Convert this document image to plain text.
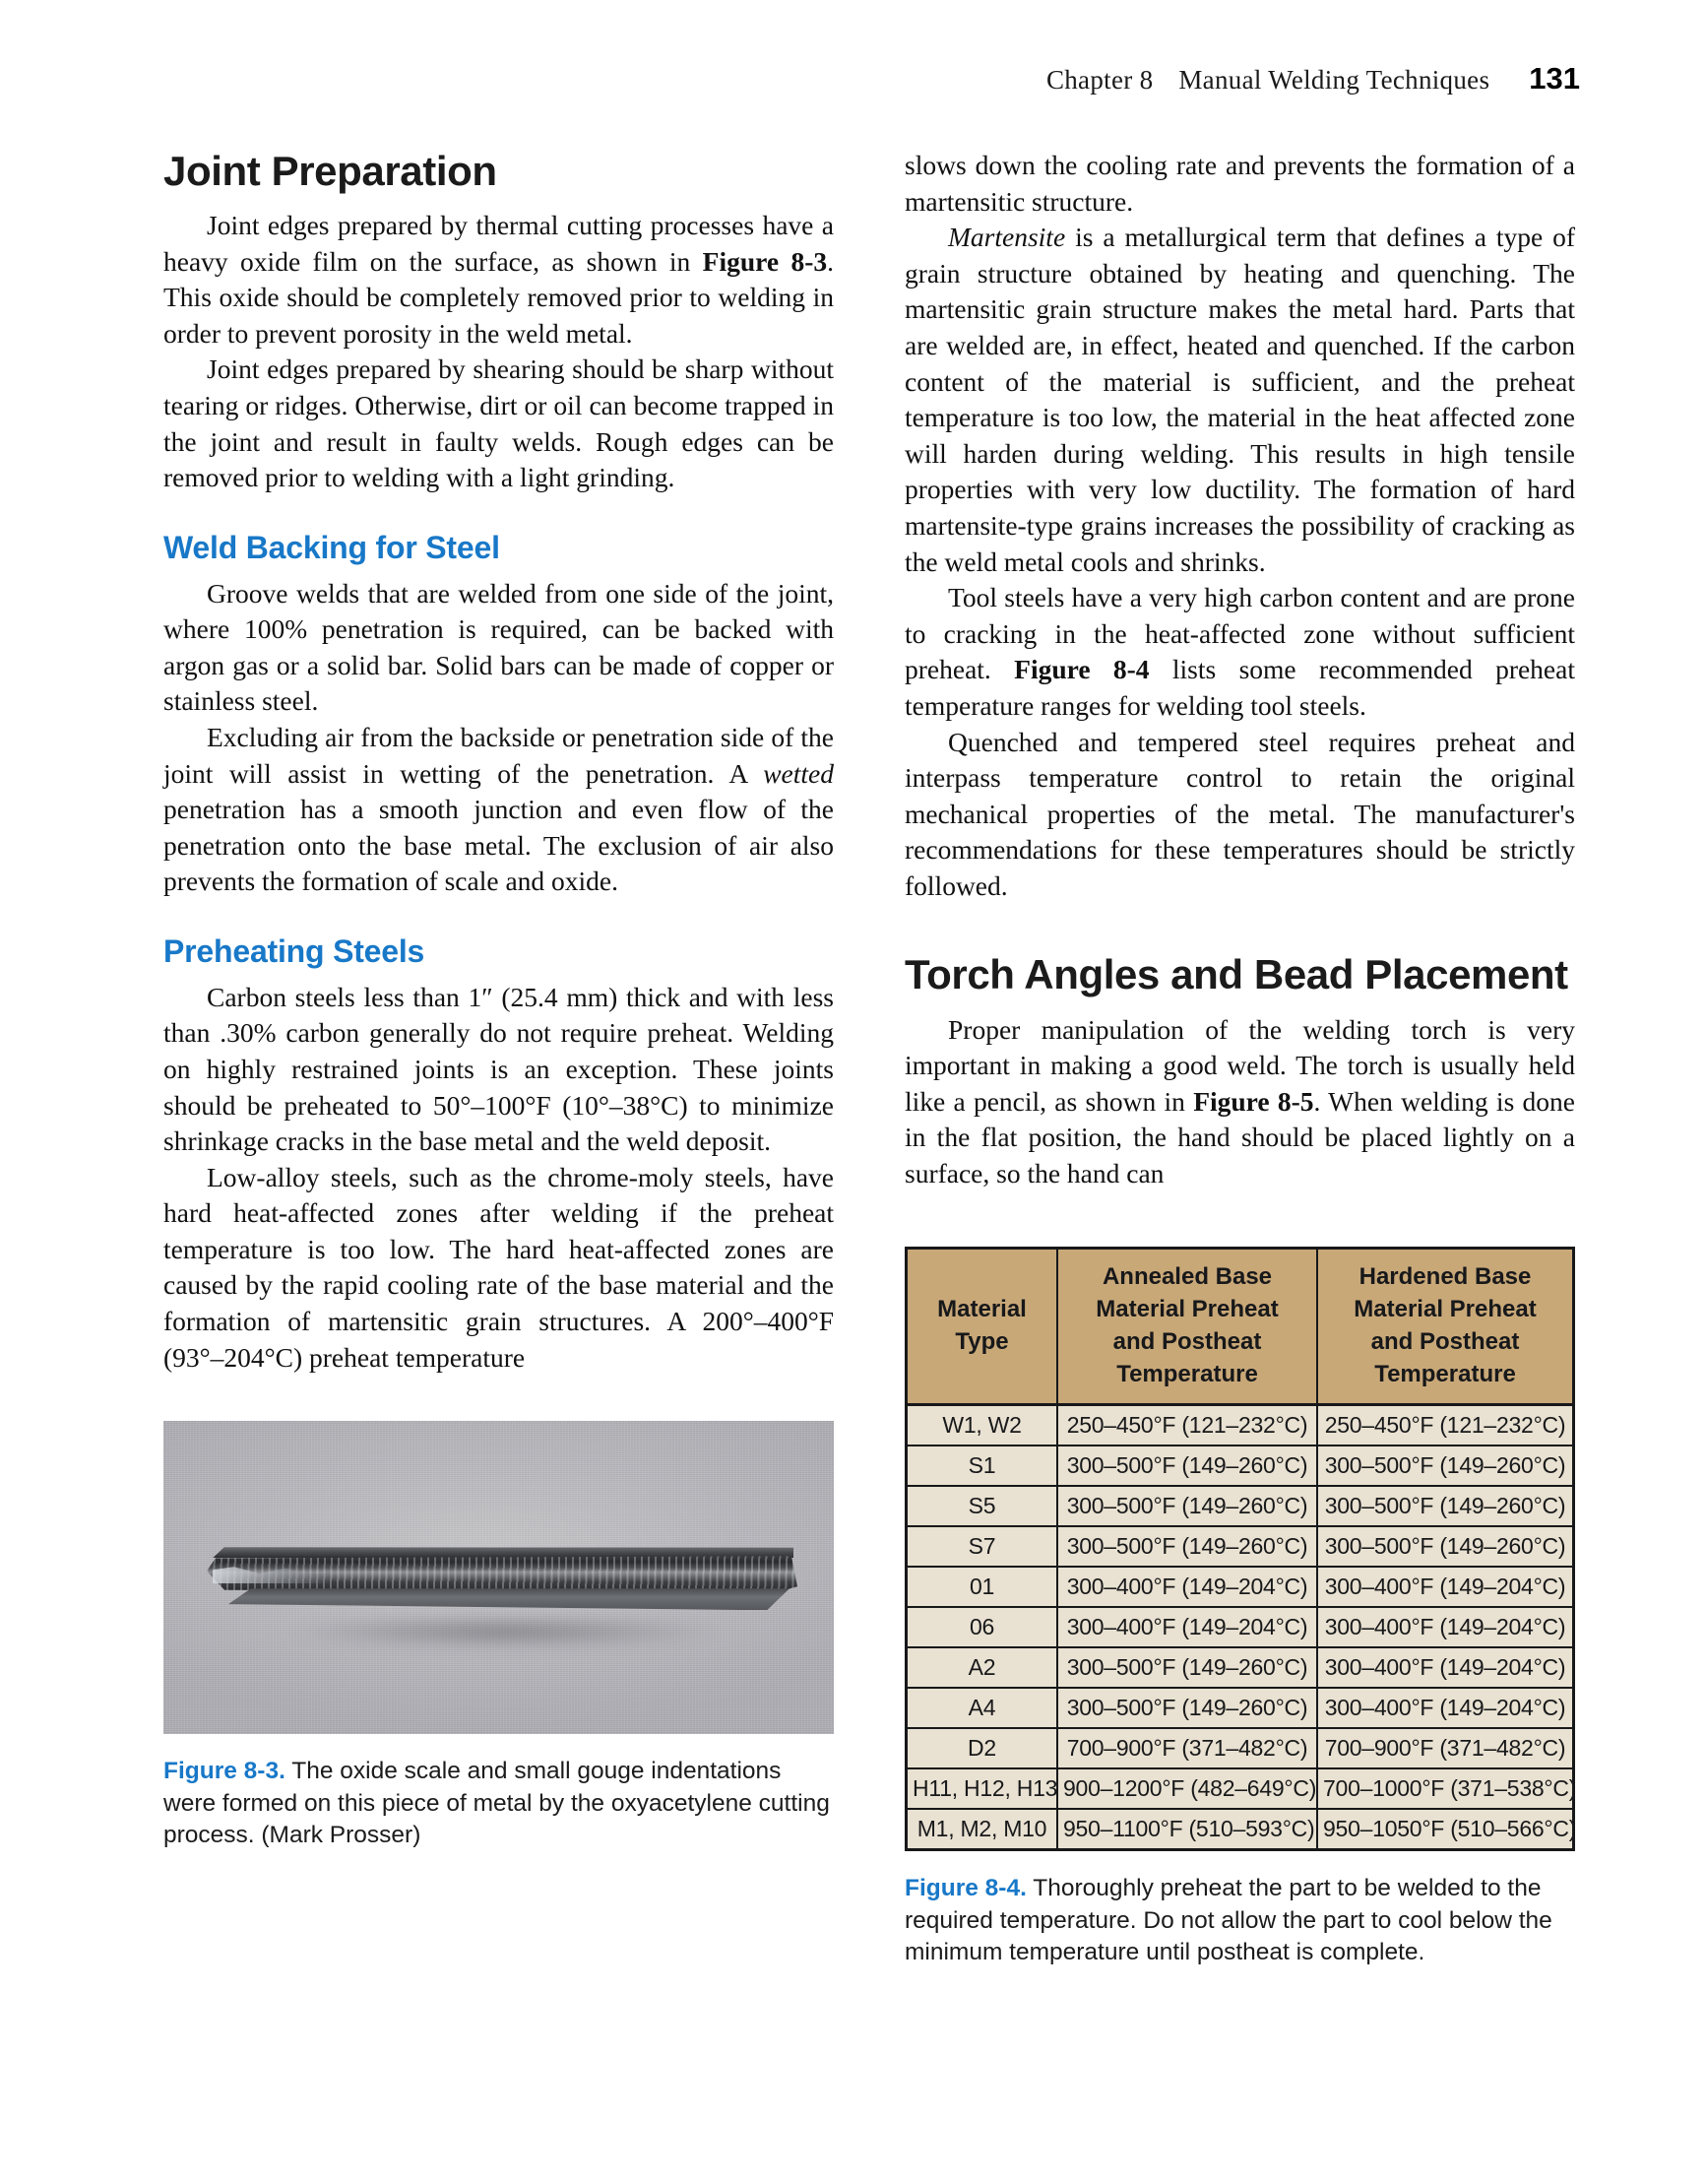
Chapter 8 Manual Welding Techniques 131
Joint Preparation

Joint edges prepared by thermal cutting processes have a heavy oxide film on the surface, as shown in Figure 8-3. This oxide should be completely removed prior to welding in order to prevent porosity in the weld metal.

Joint edges prepared by shearing should be sharp without tearing or ridges. Otherwise, dirt or oil can become trapped in the joint and result in faulty welds. Rough edges can be removed prior to welding with a light grinding.

Weld Backing for Steel

Groove welds that are welded from one side of the joint, where 100% penetration is required, can be backed with argon gas or a solid bar. Solid bars can be made of copper or stainless steel.

Excluding air from the backside or penetration side of the joint will assist in wetting of the penetration. A wetted penetration has a smooth junction and even flow of the penetration onto the base metal. The exclusion of air also prevents the formation of scale and oxide.

Preheating Steels

Carbon steels less than 1″ (25.4 mm) thick and with less than .30% carbon generally do not require preheat. Welding on highly restrained joints is an exception. These joints should be preheated to 50°–100°F (10°–38°C) to minimize shrinkage cracks in the base metal and the weld deposit.

Low-alloy steels, such as the chrome-moly steels, have hard heat-affected zones after welding if the preheat temperature is too low. The hard heat-affected zones are caused by the rapid cooling rate of the base material and the formation of martensitic grain structures. A 200°–400°F (93°–204°C) preheat temperature

Figure 8-3. The oxide scale and small gouge indentations were formed on this piece of metal by the oxyacetylene cutting process. (Mark Prosser)

slows down the cooling rate and prevents the formation of a martensitic structure.

Martensite is a metallurgical term that defines a type of grain structure obtained by heating and quenching. The martensitic grain structure makes the metal hard. Parts that are welded are, in effect, heated and quenched. If the carbon content of the material is sufficient, and the preheat temperature is too low, the material in the heat affected zone will harden during welding. This results in high tensile properties with very low ductility. The formation of hard martensite-type grains increases the possibility of cracking as the weld metal cools and shrinks.

Tool steels have a very high carbon content and are prone to cracking in the heat-affected zone without sufficient preheat. Figure 8-4 lists some recommended preheat temperature ranges for welding tool steels.

Quenched and tempered steel requires preheat and interpass temperature control to retain the original mechanical properties of the metal. The manufacturer's recommendations for these temperatures should be strictly followed.

Torch Angles and Bead Placement

Proper manipulation of the welding torch is very important in making a good weld. The torch is usually held like a pencil, as shown in Figure 8-5. When welding is done in the flat position, the hand should be placed lightly on a surface, so the hand can

Material
Type	Annealed Base
Material Preheat
and Postheat
Temperature	Hardened Base
Material Preheat
and Postheat
Temperature
W1, W2	250–450°F (121–232°C)	250–450°F (121–232°C)
S1	300–500°F (149–260°C)	300–500°F (149–260°C)
S5	300–500°F (149–260°C)	300–500°F (149–260°C)
S7	300–500°F (149–260°C)	300–500°F (149–260°C)
01	300–400°F (149–204°C)	300–400°F (149–204°C)
06	300–400°F (149–204°C)	300–400°F (149–204°C)
A2	300–500°F (149–260°C)	300–400°F (149–204°C)
A4	300–500°F (149–260°C)	300–400°F (149–204°C)
D2	700–900°F (371–482°C)	700–900°F (371–482°C)
H11, H12, H13	900–1200°F (482–649°C)	700–1000°F (371–538°C)
M1, M2, M10	950–1100°F (510–593°C)	950–1050°F (510–566°C)

Figure 8-4. Thoroughly preheat the part to be welded to the required temperature. Do not allow the part to cool below the minimum temperature until postheat is complete.
